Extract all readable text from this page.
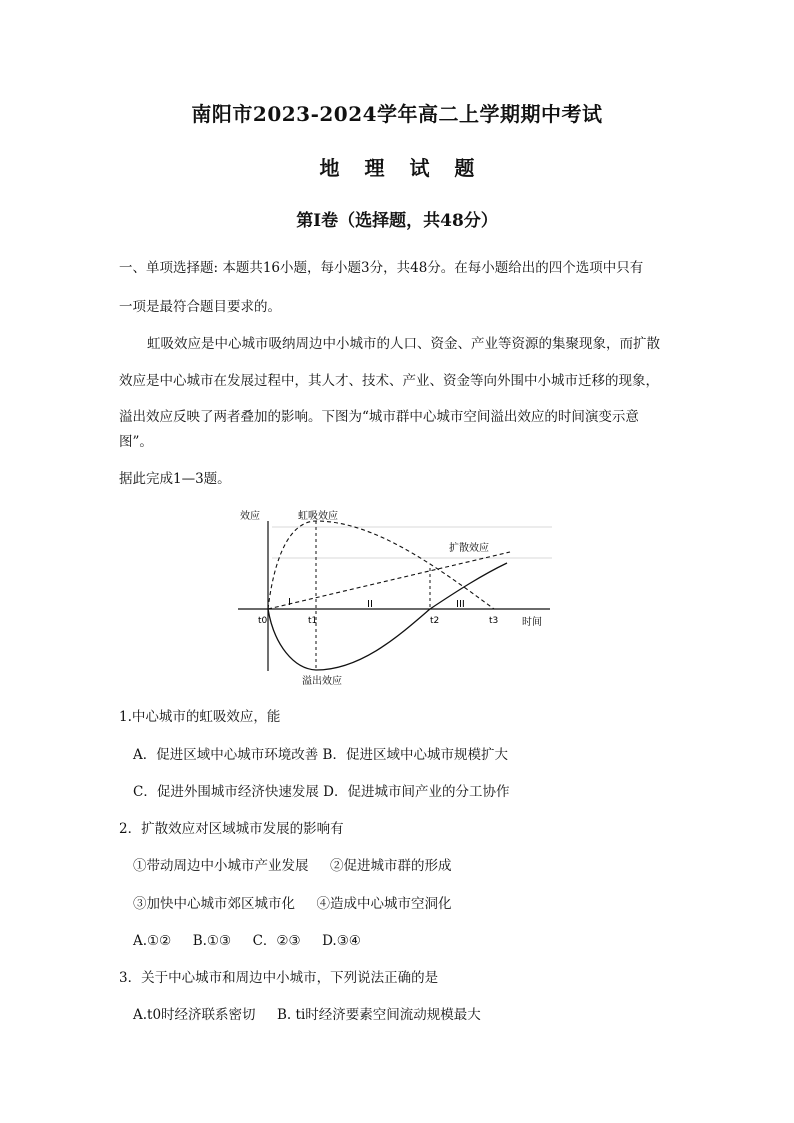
南阳市2023-2024学年高二上学期期中考试
地 理 试 题
第I卷（选择题，共48分）
一、单项选择题: 本题共16小题，每小题3分，共48分。在每小题给出的四个选项中只有
一项是最符合题目要求的。
虹吸效应是中心城市吸纳周边中小城市的人口、资金、产业等资源的集聚现象，而扩散
效应是中心城市在发展过程中，其人才、技术、产业、资金等向外围中小城市迁移的现象，
溢出效应反映了两者叠加的影响。下图为“城市群中心城市空间溢出效应的时间演变示意
图”。
据此完成1—3题。
效应
时间
虹吸效应
扩散效应
溢出效应
t0	t1	t2	t3
I	II	III
1.中心城市的虹吸效应，能
A．促进区域中心城市环境改善 B．促进区域中心城市规模扩大
C．促进外围城市经济快速发展 D．促进城市间产业的分工协作
2．扩散效应对区域城市发展的影响有
①带动周边中小城市产业发展     ②促进城市群的形成
③加快中心城市郊区城市化     ④造成中心城市空洞化
A.①②     B.①③     C．②③     D.③④
3．关于中心城市和周边中小城市，下列说法正确的是
A.t0时经济联系密切     B. ti时经济要素空间流动规模最大
